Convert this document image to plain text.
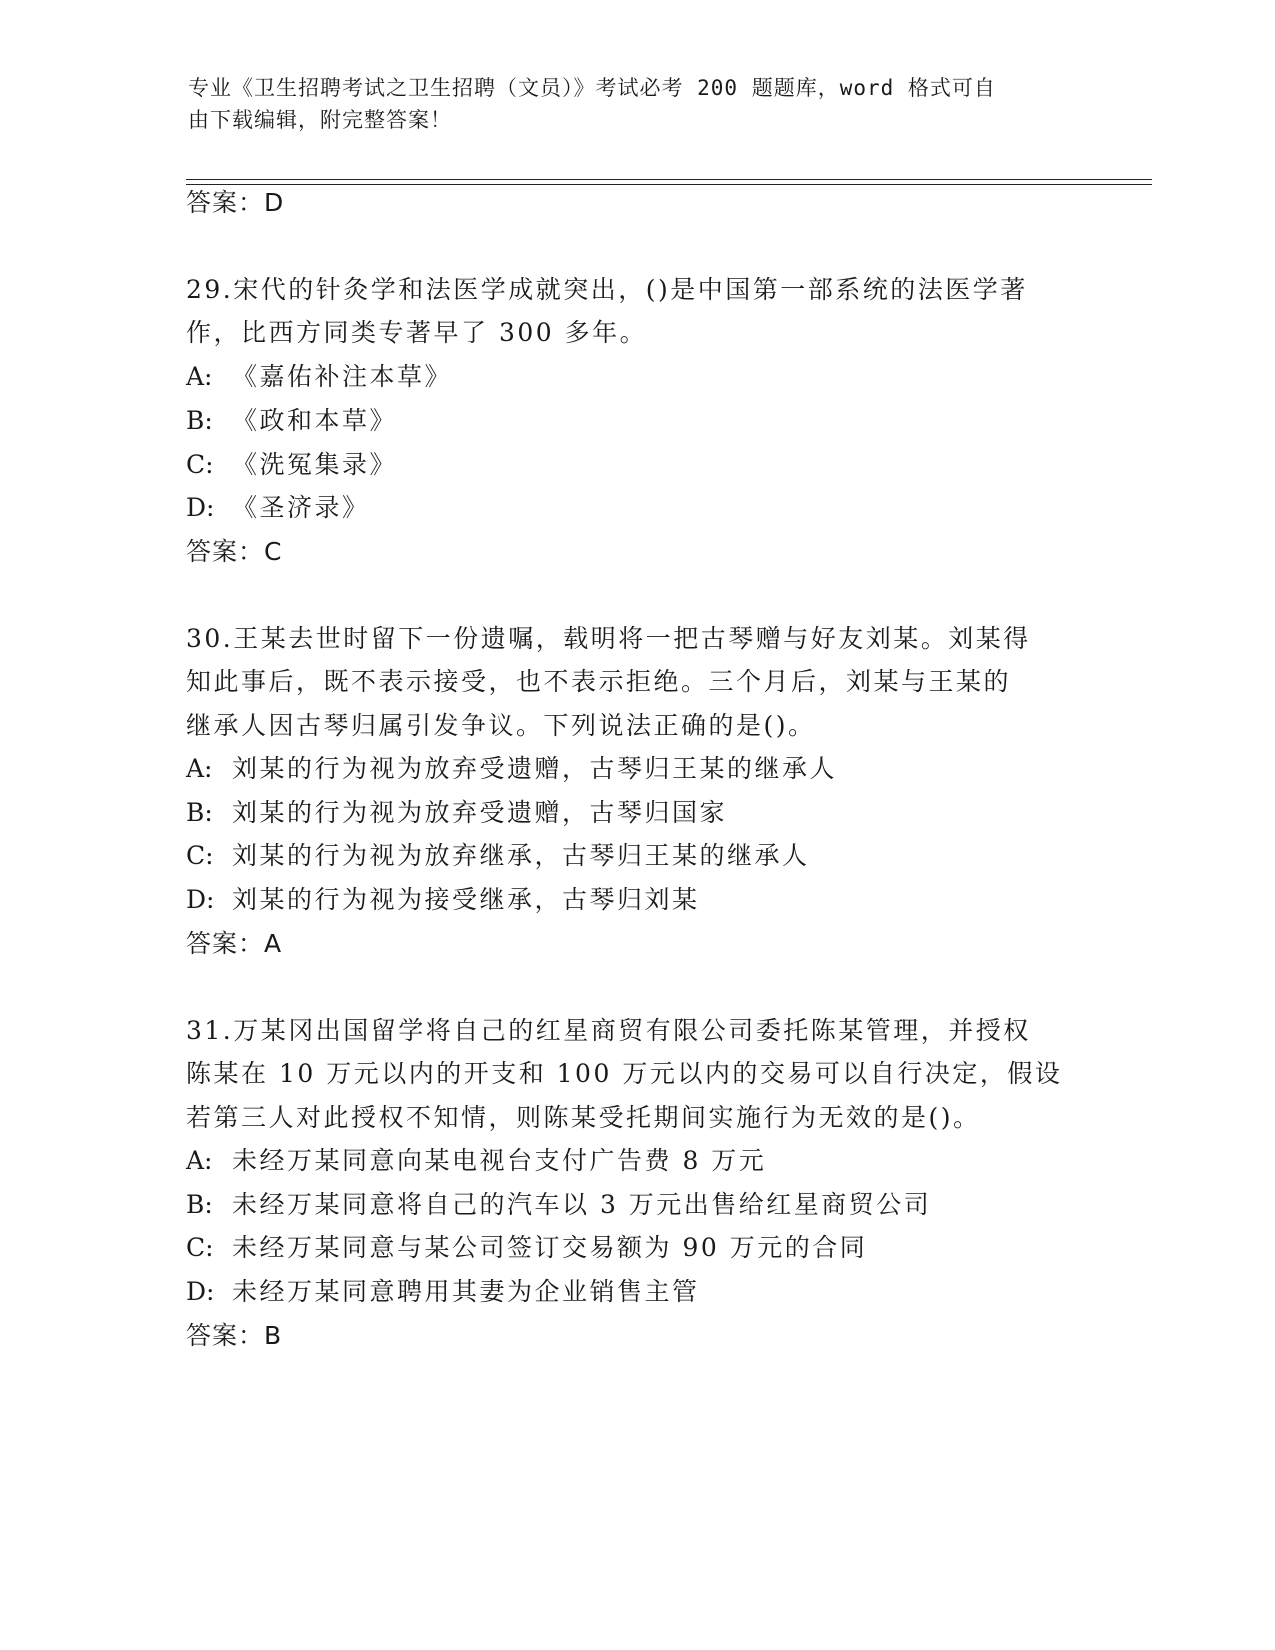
专业《卫生招聘考试之卫生招聘（文员）》考试必考 200 题题库，word 格式可自
由下载编辑，附完整答案！
答案：D
29.宋代的针灸学和法医学成就突出，()是中国第一部系统的法医学著
作，比西方同类专著早了 300 多年。
A: 《嘉佑补注本草》
B: 《政和本草》
C: 《洗冤集录》
D: 《圣济录》
答案：C
30.王某去世时留下一份遗嘱，载明将一把古琴赠与好友刘某。刘某得
知此事后，既不表示接受，也不表示拒绝。三个月后，刘某与王某的
继承人因古琴归属引发争议。下列说法正确的是()。
A: 刘某的行为视为放弃受遗赠，古琴归王某的继承人
B: 刘某的行为视为放弃受遗赠，古琴归国家
C: 刘某的行为视为放弃继承，古琴归王某的继承人
D: 刘某的行为视为接受继承，古琴归刘某
答案：A
31.万某冈出国留学将自己的红星商贸有限公司委托陈某管理，并授权
陈某在 10 万元以内的开支和 100 万元以内的交易可以自行决定，假设
若第三人对此授权不知情，则陈某受托期间实施行为无效的是()。
A: 未经万某同意向某电视台支付广告费 8 万元
B: 未经万某同意将自己的汽车以 3 万元出售给红星商贸公司
C: 未经万某同意与某公司签订交易额为 90 万元的合同
D: 未经万某同意聘用其妻为企业销售主管
答案：B
